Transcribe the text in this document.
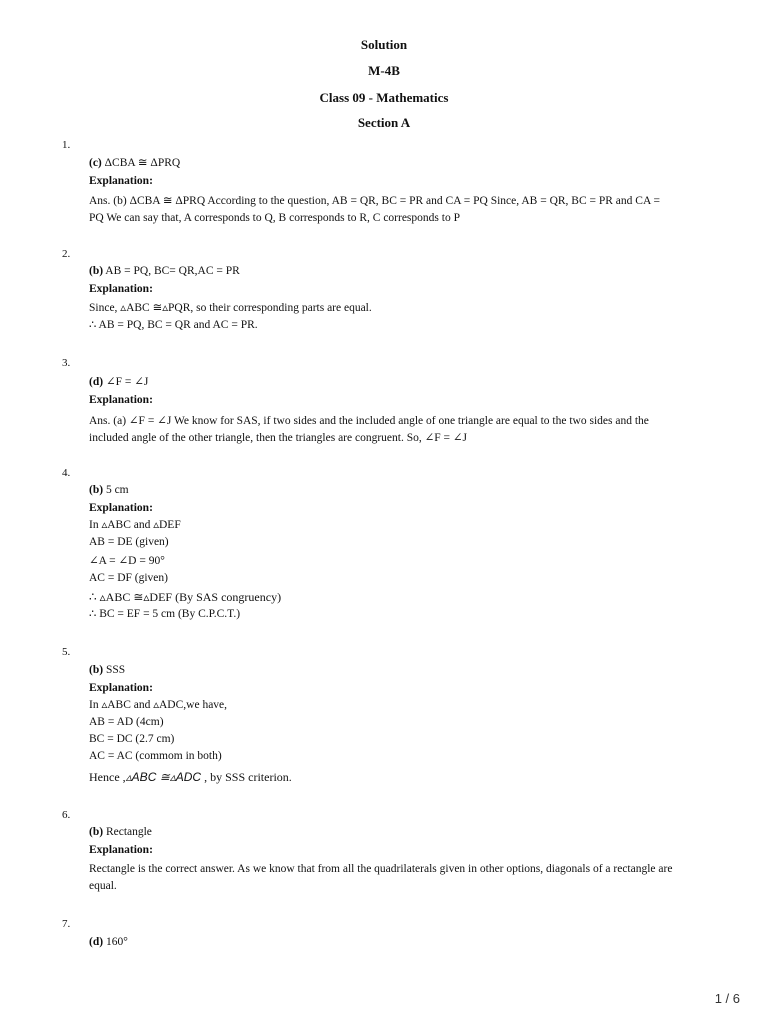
Solution
M-4B
Class 09 - Mathematics
Section A
1.
(c) ΔCBA ≅ ΔPRQ
Explanation:
Ans. (b) ΔCBA ≅ ΔPRQ According to the question, AB = QR, BC = PR and CA = PQ Since, AB = QR, BC = PR and CA =
PQ We can say that, A corresponds to Q, B corresponds to R, C corresponds to P
2.
(b) AB = PQ, BC= QR,AC = PR
Explanation:
Since, ▵ABC ≅▵PQR, so their corresponding parts are equal.
∴ AB = PQ, BC = QR and AC = PR.
3.
(d) ∠F = ∠J
Explanation:
Ans. (a) ∠F = ∠J We know for SAS, if two sides and the included angle of one triangle are equal to the two sides and the
included angle of the other triangle, then the triangles are congruent. So, ∠F = ∠J
4.
(b) 5 cm
Explanation:
In ▵ABC and ▵DEF
AB = DE (given)
∠A = ∠D = 90°
AC = DF (given)
∴ ▵ABC ≅▵DEF (By SAS congruency)
∴ BC = EF = 5 cm (By C.P.C.T.)
5.
(b) SSS
Explanation:
In ▵ABC and ▵ADC,we have,
AB = AD (4cm)
BC = DC (2.7 cm)
AC = AC (commom in both)
Hence ,▵ABC ≅▵ADC , by SSS criterion.
6.
(b) Rectangle
Explanation:
Rectangle is the correct answer. As we know that from all the quadrilaterals given in other options, diagonals of a rectangle are
equal.
7.
(d) 160°
1 / 6
